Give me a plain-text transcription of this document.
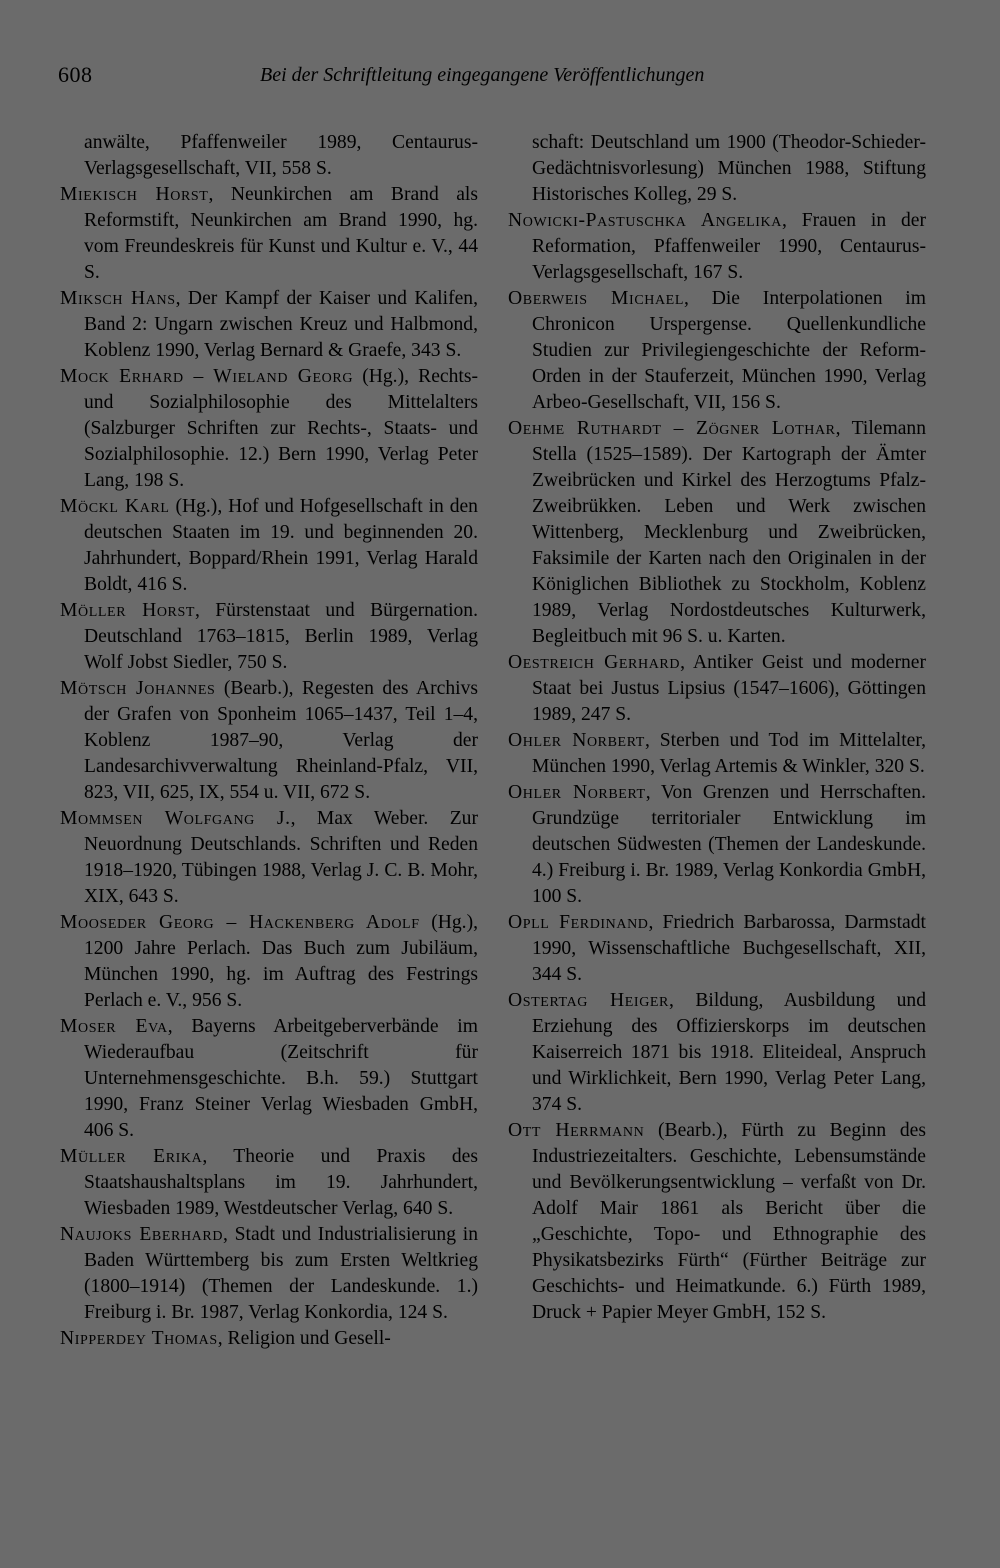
608	Bei der Schriftleitung eingegangene Veröffentlichungen

anwälte, Pfaffenweiler 1989, Centaurus-Verlagsgesellschaft, VII, 558 S.

Miekisch Horst, Neunkirchen am Brand als Reformstift, Neunkirchen am Brand 1990, hg. vom Freundeskreis für Kunst und Kultur e. V., 44 S.

Miksch Hans, Der Kampf der Kaiser und Kalifen, Band 2: Ungarn zwischen Kreuz und Halbmond, Koblenz 1990, Verlag Bernard & Graefe, 343 S.

Mock Erhard – Wieland Georg (Hg.), Rechts- und Sozialphilosophie des Mittelalters (Salzburger Schriften zur Rechts-, Staats- und Sozialphilosophie. 12.) Bern 1990, Verlag Peter Lang, 198 S.

Möckl Karl (Hg.), Hof und Hofgesellschaft in den deutschen Staaten im 19. und beginnenden 20. Jahrhundert, Boppard/Rhein 1991, Verlag Harald Boldt, 416 S.

Möller Horst, Fürstenstaat und Bürgernation. Deutschland 1763–1815, Berlin 1989, Verlag Wolf Jobst Siedler, 750 S.

Mötsch Johannes (Bearb.), Regesten des Archivs der Grafen von Sponheim 1065–1437, Teil 1–4, Koblenz 1987–90, Verlag der Landesarchivverwaltung Rheinland-Pfalz, VII, 823, VII, 625, IX, 554 u. VII, 672 S.

Mommsen Wolfgang J., Max Weber. Zur Neuordnung Deutschlands. Schriften und Reden 1918–1920, Tübingen 1988, Verlag J. C. B. Mohr, XIX, 643 S.

Mooseder Georg – Hackenberg Adolf (Hg.), 1200 Jahre Perlach. Das Buch zum Jubiläum, München 1990, hg. im Auftrag des Festrings Perlach e. V., 956 S.

Moser Eva, Bayerns Arbeitgeberverbände im Wiederaufbau (Zeitschrift für Unternehmensgeschichte. B.h. 59.) Stuttgart 1990, Franz Steiner Verlag Wiesbaden GmbH, 406 S.

Müller Erika, Theorie und Praxis des Staatshaushaltsplans im 19. Jahrhundert, Wiesbaden 1989, Westdeutscher Verlag, 640 S.

Naujoks Eberhard, Stadt und Industrialisierung in Baden Württemberg bis zum Ersten Weltkrieg (1800–1914) (Themen der Landeskunde. 1.) Freiburg i. Br. 1987, Verlag Konkordia, 124 S.

Nipperdey Thomas, Religion und Gesell-

schaft: Deutschland um 1900 (Theodor-Schieder-Gedächtnisvorlesung) München 1988, Stiftung Historisches Kolleg, 29 S.

Nowicki-Pastuschka Angelika, Frauen in der Reformation, Pfaffenweiler 1990, Centaurus-Verlagsgesellschaft, 167 S.

Oberweis Michael, Die Interpolationen im Chronicon Urspergense. Quellenkundliche Studien zur Privilegiengeschichte der Reform-Orden in der Stauferzeit, München 1990, Verlag Arbeo-Gesellschaft, VII, 156 S.

Oehme Ruthardt – Zögner Lothar, Tilemann Stella (1525–1589). Der Kartograph der Ämter Zweibrücken und Kirkel des Herzogtums Pfalz-Zweibrükken. Leben und Werk zwischen Wittenberg, Mecklenburg und Zweibrücken, Faksimile der Karten nach den Originalen in der Königlichen Bibliothek zu Stockholm, Koblenz 1989, Verlag Nordostdeutsches Kulturwerk, Begleitbuch mit 96 S. u. Karten.

Oestreich Gerhard, Antiker Geist und moderner Staat bei Justus Lipsius (1547–1606), Göttingen 1989, 247 S.

Ohler Norbert, Sterben und Tod im Mittelalter, München 1990, Verlag Artemis & Winkler, 320 S.

Ohler Norbert, Von Grenzen und Herrschaften. Grundzüge territorialer Entwicklung im deutschen Südwesten (Themen der Landeskunde. 4.) Freiburg i. Br. 1989, Verlag Konkordia GmbH, 100 S.

Opll Ferdinand, Friedrich Barbarossa, Darmstadt 1990, Wissenschaftliche Buchgesellschaft, XII, 344 S.

Ostertag Heiger, Bildung, Ausbildung und Erziehung des Offizierskorps im deutschen Kaiserreich 1871 bis 1918. Eliteideal, Anspruch und Wirklichkeit, Bern 1990, Verlag Peter Lang, 374 S.

Ott Herrmann (Bearb.), Fürth zu Beginn des Industriezeitalters. Geschichte, Lebensumstände und Bevölkerungsentwicklung – verfaßt von Dr. Adolf Mair 1861 als Bericht über die „Geschichte, Topo- und Ethnographie des Physikatsbezirks Fürth“ (Fürther Beiträge zur Geschichts- und Heimatkunde. 6.) Fürth 1989, Druck + Papier Meyer GmbH, 152 S.
